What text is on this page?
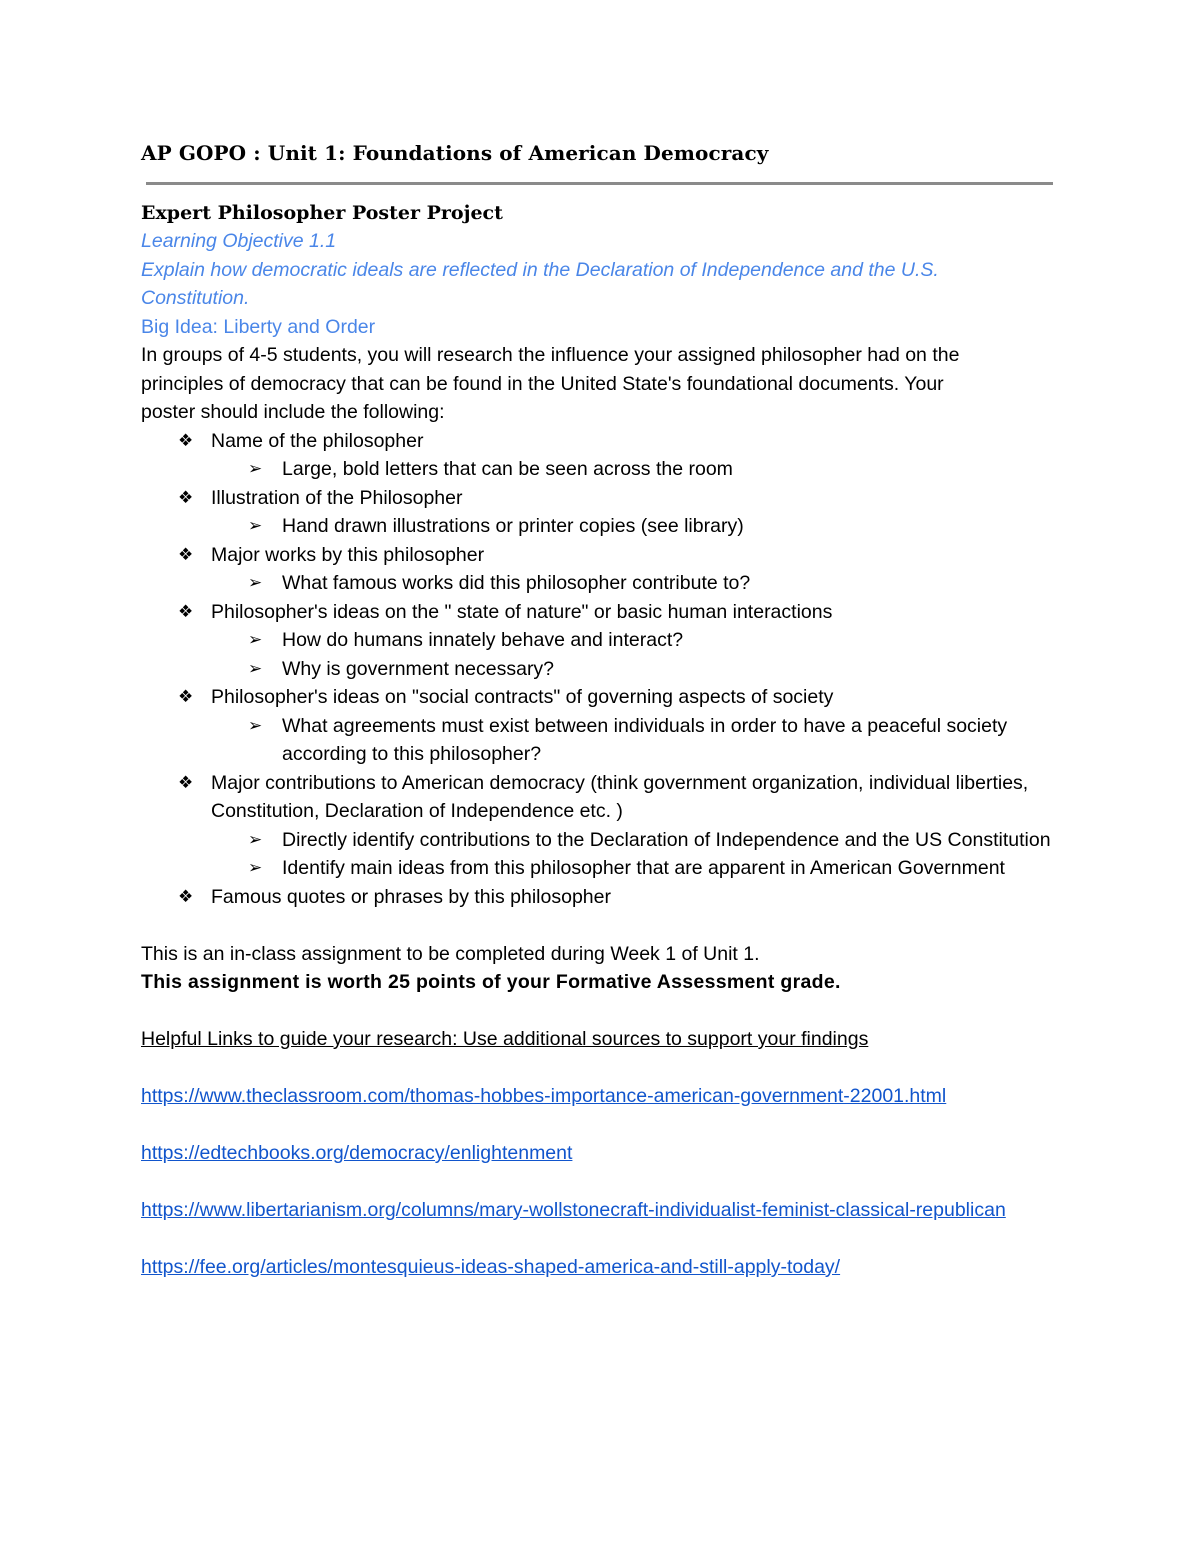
AP GOPO : Unit 1: Foundations of American Democracy
Expert Philosopher Poster Project

Learning Objective 1.1

Explain how democratic ideals are reflected in the Declaration of Independence and the U.S.

Constitution.

Big Idea: Liberty and Order

In groups of 4-5 students, you will research the influence your assigned philosopher had on the

principles of democracy that can be found in the United State's foundational documents. Your

poster should include the following:

❖ Name of the philosopher
➢ Large, bold letters that can be seen across the room
❖ Illustration of the Philosopher
➢ Hand drawn illustrations or printer copies (see library)
❖ Major works by this philosopher
➢ What famous works did this philosopher contribute to?
❖ Philosopher's ideas on the " state of nature" or basic human interactions
➢ How do humans innately behave and interact?
➢ Why is government necessary?
❖ Philosopher's ideas on "social contracts" of governing aspects of society
➢ What agreements must exist between individuals in order to have a peaceful society according to this philosopher?
❖ Major contributions to American democracy (think government organization, individual liberties, Constitution, Declaration of Independence etc. )
➢ Directly identify contributions to the Declaration of Independence and the US Constitution
➢ Identify main ideas from this philosopher that are apparent in American Government
❖ Famous quotes or phrases by this philosopher

This is an in-class assignment to be completed during Week 1 of Unit 1.

This assignment is worth 25 points of your Formative Assessment grade.

Helpful Links to guide your research: Use additional sources to support your findings

https://www.theclassroom.com/thomas-hobbes-importance-american-government-22001.html
https://edtechbooks.org/democracy/enlightenment
https://www.libertarianism.org/columns/mary-wollstonecraft-individualist-feminist-classical-republican
https://fee.org/articles/montesquieus-ideas-shaped-america-and-still-apply-today/
